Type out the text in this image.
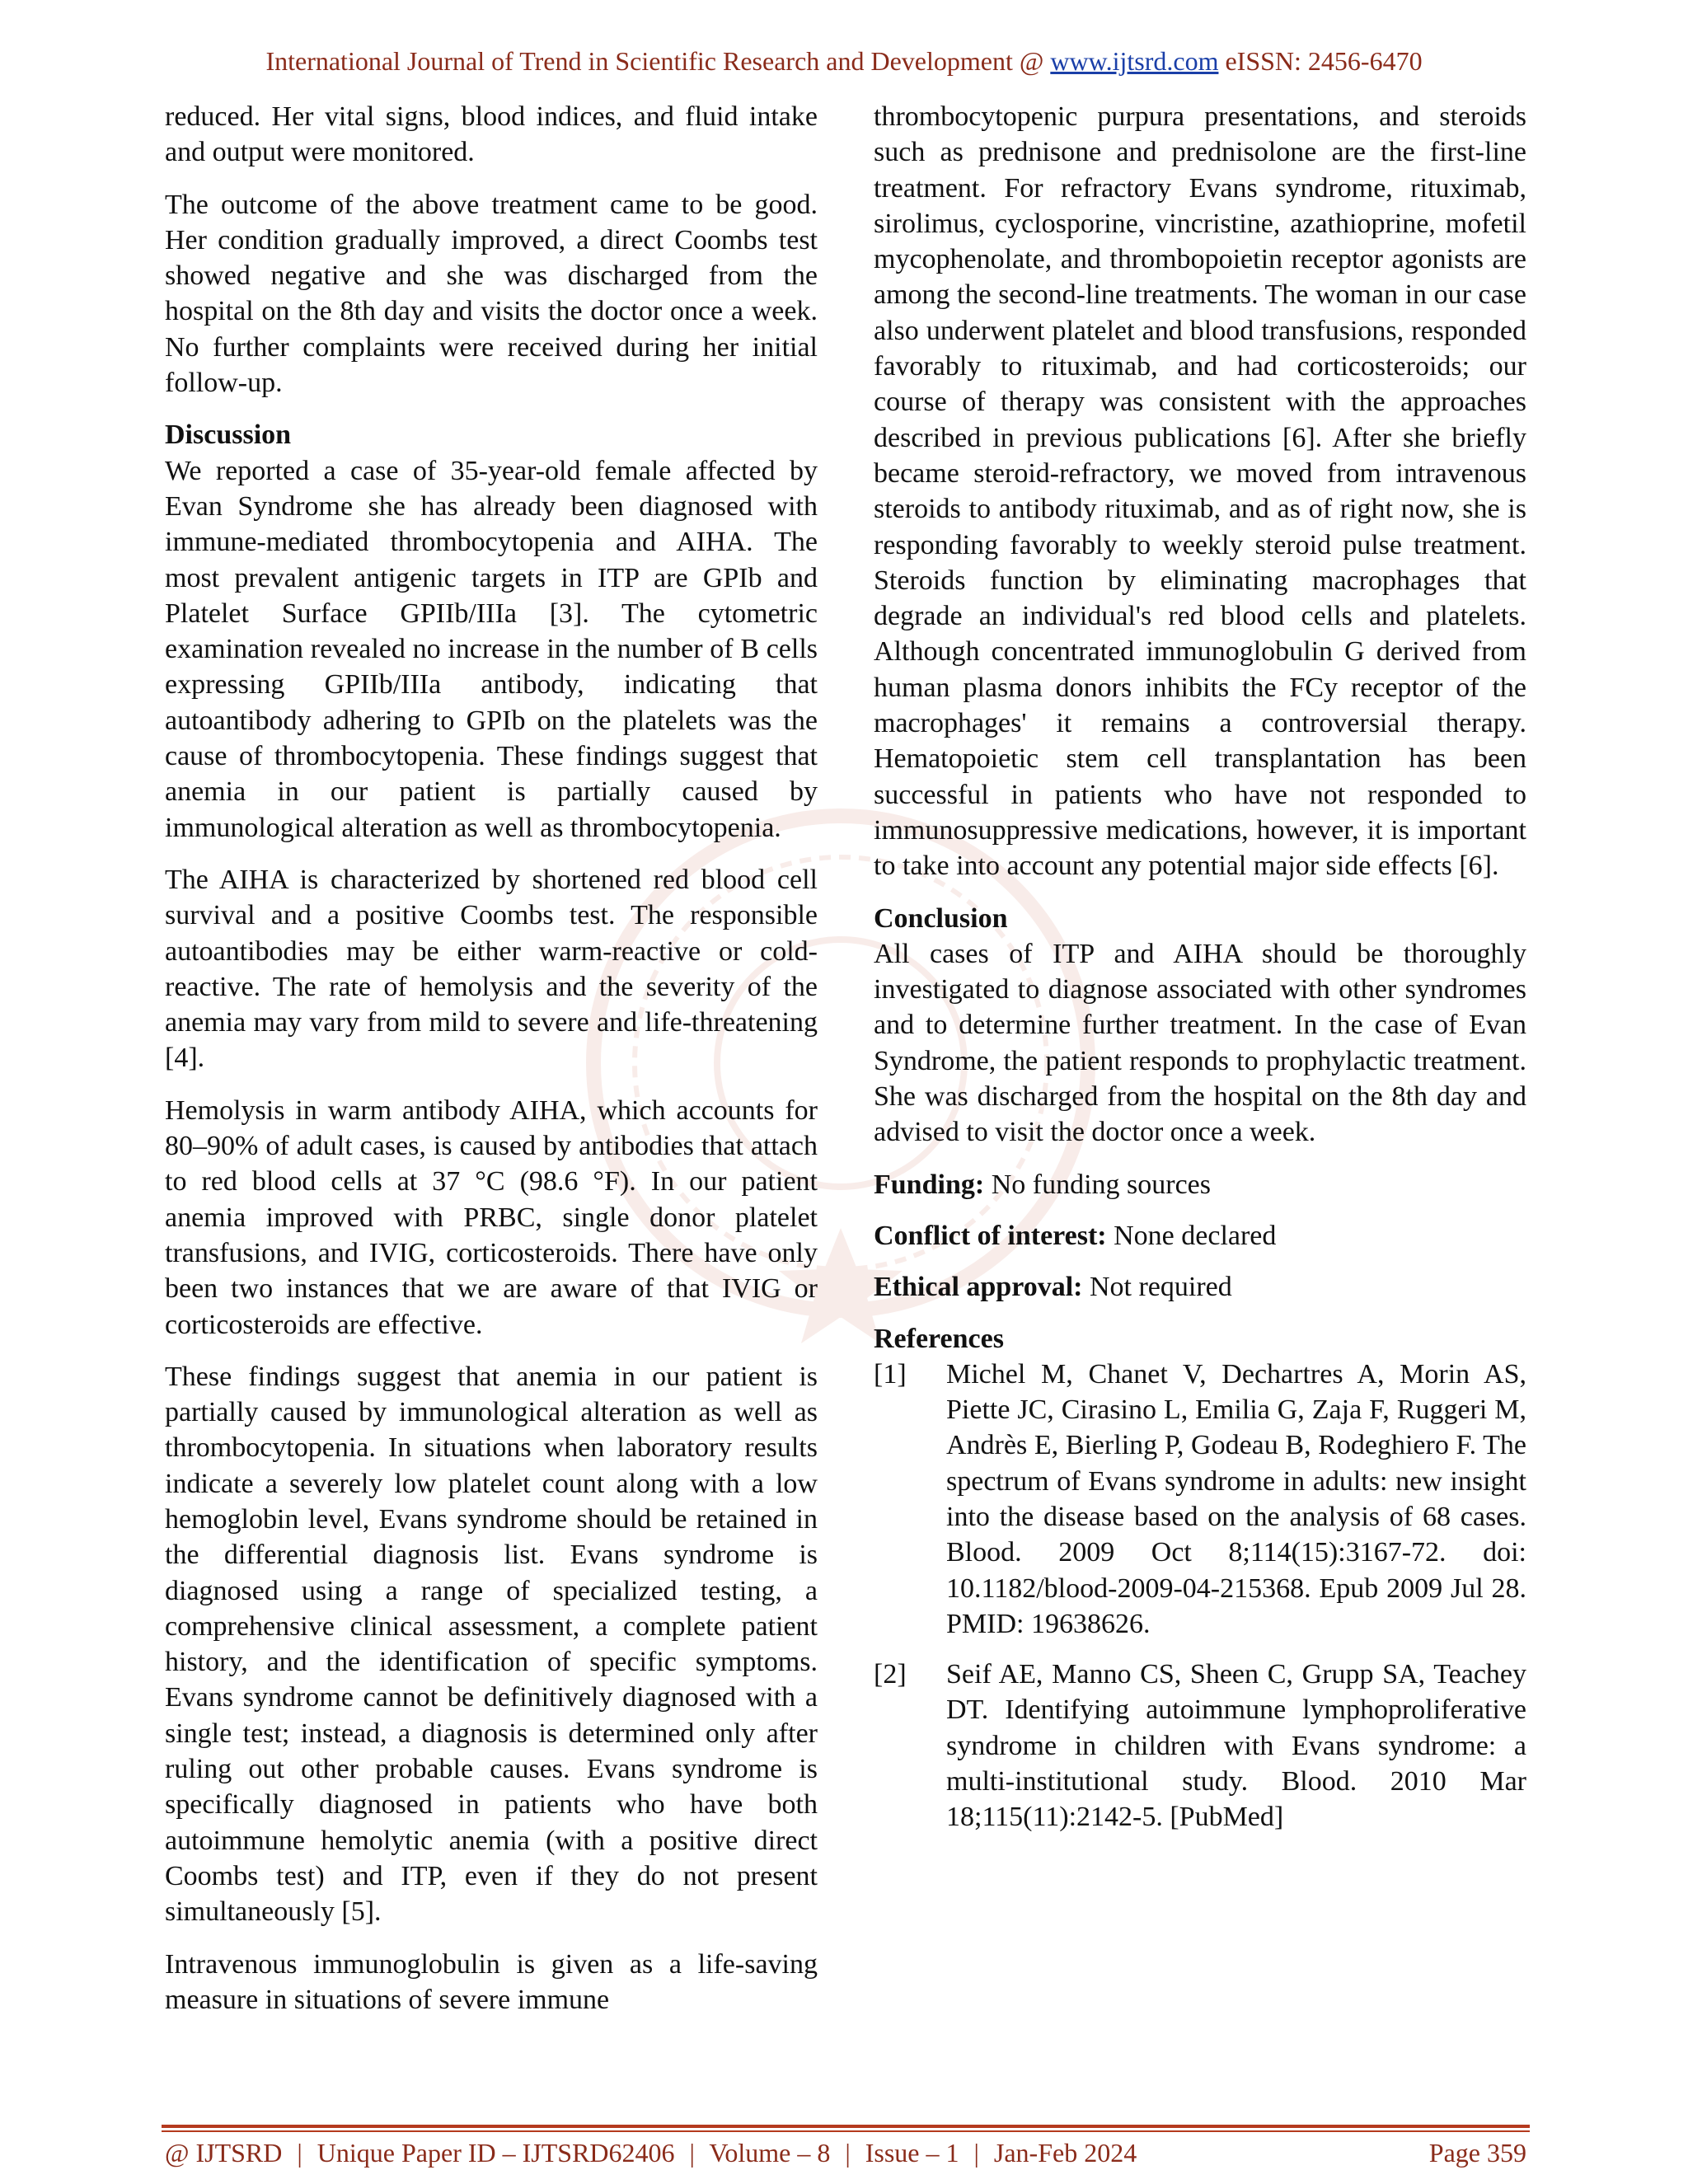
International Journal of Trend in Scientific Research and Development @ www.ijtsrd.com eISSN: 2456-6470

reduced. Her vital signs, blood indices, and fluid intake and output were monitored.

The outcome of the above treatment came to be good. Her condition gradually improved, a direct Coombs test showed negative and she was discharged from the hospital on the 8th day and visits the doctor once a week. No further complaints were received during her initial follow-up.

Discussion

We reported a case of 35-year-old female affected by Evan Syndrome she has already been diagnosed with immune-mediated thrombocytopenia and AIHA. The most prevalent antigenic targets in ITP are GPIb and Platelet Surface GPIIb/IIIa [3]. The cytometric examination revealed no increase in the number of B cells expressing GPIIb/IIIa antibody, indicating that autoantibody adhering to GPIb on the platelets was the cause of thrombocytopenia. These findings suggest that anemia in our patient is partially caused by immunological alteration as well as thrombocytopenia.

The AIHA is characterized by shortened red blood cell survival and a positive Coombs test. The responsible autoantibodies may be either warm-reactive or cold-reactive. The rate of hemolysis and the severity of the anemia may vary from mild to severe and life-threatening [4].

Hemolysis in warm antibody AIHA, which accounts for 80–90% of adult cases, is caused by antibodies that attach to red blood cells at 37 °C (98.6 °F). In our patient anemia improved with PRBC, single donor platelet transfusions, and IVIG, corticosteroids. There have only been two instances that we are aware of that IVIG or corticosteroids are effective.

These findings suggest that anemia in our patient is partially caused by immunological alteration as well as thrombocytopenia. In situations when laboratory results indicate a severely low platelet count along with a low hemoglobin level, Evans syndrome should be retained in the differential diagnosis list. Evans syndrome is diagnosed using a range of specialized testing, a comprehensive clinical assessment, a complete patient history, and the identification of specific symptoms. Evans syndrome cannot be definitively diagnosed with a single test; instead, a diagnosis is determined only after ruling out other probable causes. Evans syndrome is specifically diagnosed in patients who have both autoimmune hemolytic anemia (with a positive direct Coombs test) and ITP, even if they do not present simultaneously [5].

Intravenous immunoglobulin is given as a life-saving measure in situations of severe immune

thrombocytopenic purpura presentations, and steroids such as prednisone and prednisolone are the first-line treatment. For refractory Evans syndrome, rituximab, sirolimus, cyclosporine, vincristine, azathioprine, mofetil mycophenolate, and thrombopoietin receptor agonists are among the second-line treatments. The woman in our case also underwent platelet and blood transfusions, responded favorably to rituximab, and had corticosteroids; our course of therapy was consistent with the approaches described in previous publications [6]. After she briefly became steroid-refractory, we moved from intravenous steroids to antibody rituximab, and as of right now, she is responding favorably to weekly steroid pulse treatment. Steroids function by eliminating macrophages that degrade an individual's red blood cells and platelets. Although concentrated immunoglobulin G derived from human plasma donors inhibits the FCy receptor of the macrophages' it remains a controversial therapy. Hematopoietic stem cell transplantation has been successful in patients who have not responded to immunosuppressive medications, however, it is important to take into account any potential major side effects [6].

Conclusion

All cases of ITP and AIHA should be thoroughly investigated to diagnose associated with other syndromes and to determine further treatment. In the case of Evan Syndrome, the patient responds to prophylactic treatment. She was discharged from the hospital on the 8th day and advised to visit the doctor once a week.

Funding: No funding sources
Conflict of interest: None declared
Ethical approval: Not required
References
[1]	Michel M, Chanet V, Dechartres A, Morin AS, Piette JC, Cirasino L, Emilia G, Zaja F, Ruggeri M, Andrès E, Bierling P, Godeau B, Rodeghiero F. The spectrum of Evans syndrome in adults: new insight into the disease based on the analysis of 68 cases. Blood. 2009 Oct 8;114(15):3167-72. doi: 10.1182/blood-2009-04-215368. Epub 2009 Jul 28. PMID: 19638626.
[2]	Seif AE, Manno CS, Sheen C, Grupp SA, Teachey DT. Identifying autoimmune lymphoproliferative syndrome in children with Evans syndrome: a multi-institutional study. Blood. 2010 Mar 18;115(11):2142-5. [PubMed]
@ IJTSRD | Unique Paper ID – IJTSRD62406 | Volume – 8 | Issue – 1 | Jan-Feb 2024	Page 359
